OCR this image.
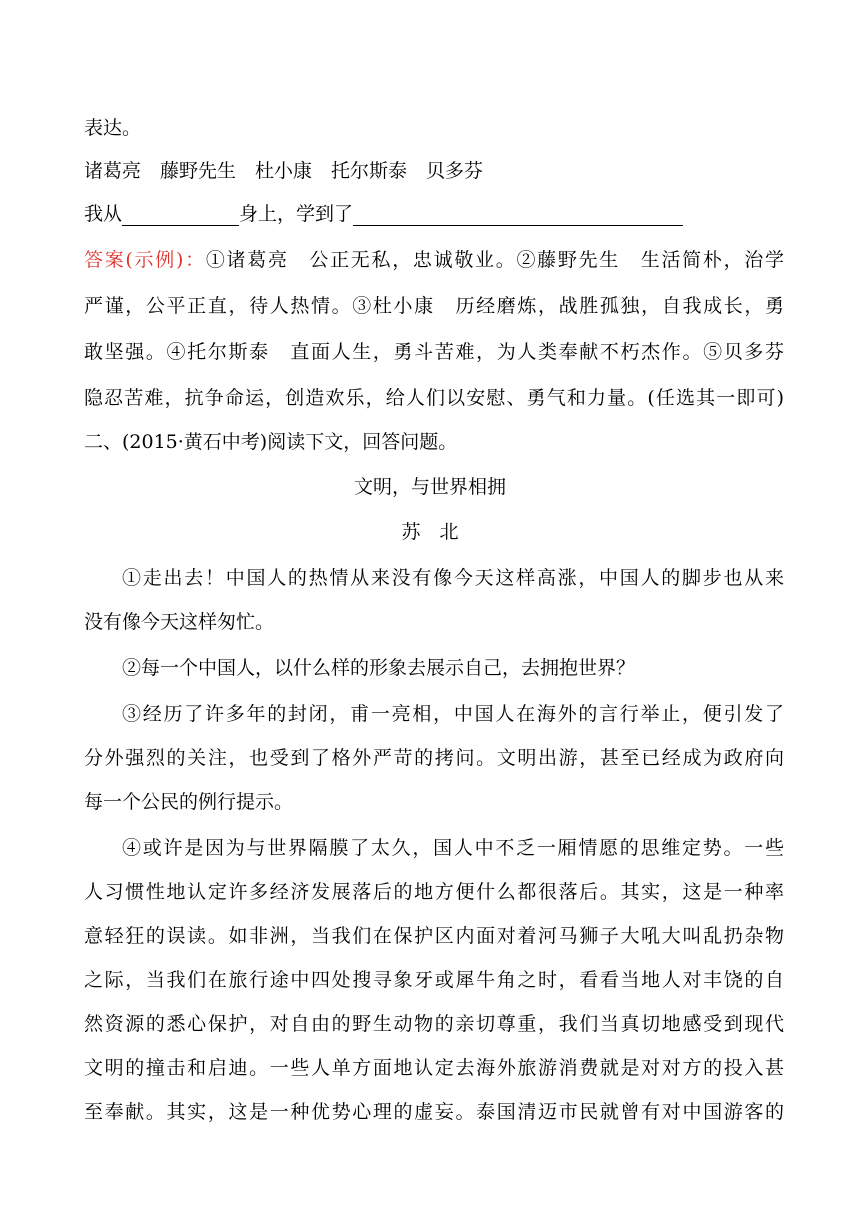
表达。
诸葛亮　藤野先生　杜小康　托尔斯泰　贝多芬
我从	身上，学到了
答案(示例)：①诸葛亮　公正无私，忠诚敬业。②藤野先生　生活简朴，治学
严谨，公平正直，待人热情。③杜小康　历经磨炼，战胜孤独，自我成长，勇
敢坚强。④托尔斯泰　直面人生，勇斗苦难，为人类奉献不朽杰作。⑤贝多芬
隐忍苦难，抗争命运，创造欢乐，给人们以安慰、勇气和力量。(任选其一即可)
二、(2015·黄石中考)阅读下文，回答问题。
文明，与世界相拥
苏　北
①走出去！中国人的热情从来没有像今天这样高涨，中国人的脚步也从来
没有像今天这样匆忙。
②每一个中国人，以什么样的形象去展示自己，去拥抱世界？
③经历了许多年的封闭，甫一亮相，中国人在海外的言行举止，便引发了
分外强烈的关注，也受到了格外严苛的拷问。文明出游，甚至已经成为政府向
每一个公民的例行提示。
④或许是因为与世界隔膜了太久，国人中不乏一厢情愿的思维定势。一些
人习惯性地认定许多经济发展落后的地方便什么都很落后。其实，这是一种率
意轻狂的误读。如非洲，当我们在保护区内面对着河马狮子大吼大叫乱扔杂物
之际，当我们在旅行途中四处搜寻象牙或犀牛角之时，看看当地人对丰饶的自
然资源的悉心保护，对自由的野生动物的亲切尊重，我们当真切地感受到现代
文明的撞击和启迪。一些人单方面地认定去海外旅游消费就是对对方的投入甚
至奉献。其实，这是一种优势心理的虚妄。泰国清迈市民就曾有对中国游客的
